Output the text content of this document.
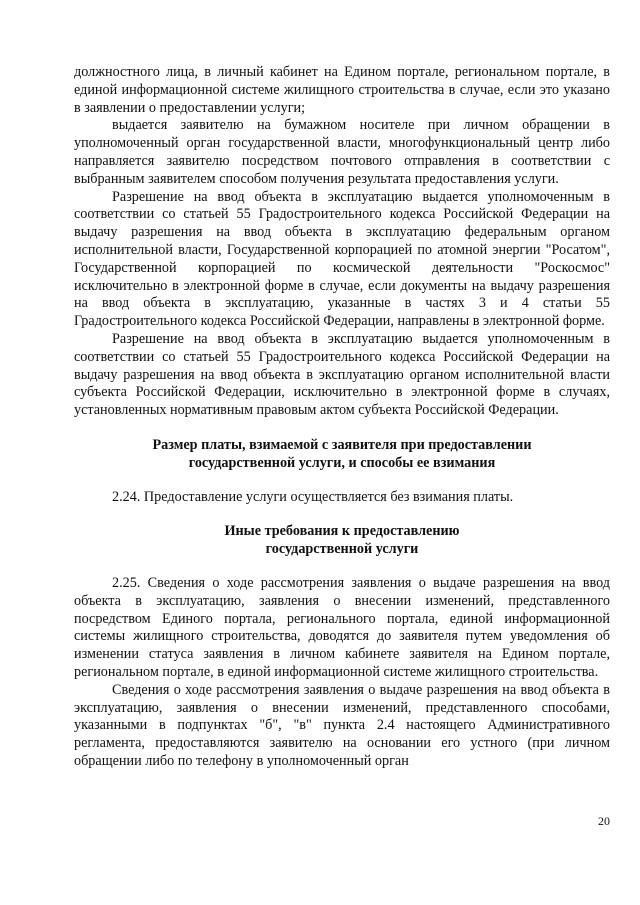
должностного лица, в личный кабинет на Едином портале, региональном портале, в единой информационной системе жилищного строительства в случае, если это указано в заявлении о предоставлении услуги;

выдается заявителю на бумажном носителе при личном обращении в уполномоченный орган государственной власти, многофункциональный центр либо направляется заявителю посредством почтового отправления в соответствии с выбранным заявителем способом получения результата предоставления услуги.

Разрешение на ввод объекта в эксплуатацию выдается уполномоченным в соответствии со статьей 55 Градостроительного кодекса Российской Федерации на выдачу разрешения на ввод объекта в эксплуатацию федеральным органом исполнительной власти, Государственной корпорацией по атомной энергии "Росатом", Государственной корпорацией по космической деятельности "Роскосмос" исключительно в электронной форме в случае, если документы на выдачу разрешения на ввод объекта в эксплуатацию, указанные в частях 3 и 4 статьи 55 Градостроительного кодекса Российской Федерации, направлены в электронной форме.

Разрешение на ввод объекта в эксплуатацию выдается уполномоченным в соответствии со статьей 55 Градостроительного кодекса Российской Федерации на выдачу разрешения на ввод объекта в эксплуатацию органом исполнительной власти субъекта Российской Федерации, исключительно в электронной форме в случаях, установленных нормативным правовым актом субъекта Российской Федерации.

Размер платы, взимаемой с заявителя при предоставлении
государственной услуги, и способы ее взимания

2.24. Предоставление услуги осуществляется без взимания платы.

Иные требования к предоставлению
государственной услуги

2.25. Сведения о ходе рассмотрения заявления о выдаче разрешения на ввод объекта в эксплуатацию, заявления о внесении изменений, представленного посредством Единого портала, регионального портала, единой информационной системы жилищного строительства, доводятся до заявителя путем уведомления об изменении статуса заявления в личном кабинете заявителя на Едином портале, региональном портале, в единой информационной системе жилищного строительства.

Сведения о ходе рассмотрения заявления о выдаче разрешения на ввод объекта в эксплуатацию, заявления о внесении изменений, представленного способами, указанными в подпунктах "б", "в" пункта 2.4 настоящего Административного регламента, предоставляются заявителю на основании его устного (при личном обращении либо по телефону в уполномоченный орган

20
